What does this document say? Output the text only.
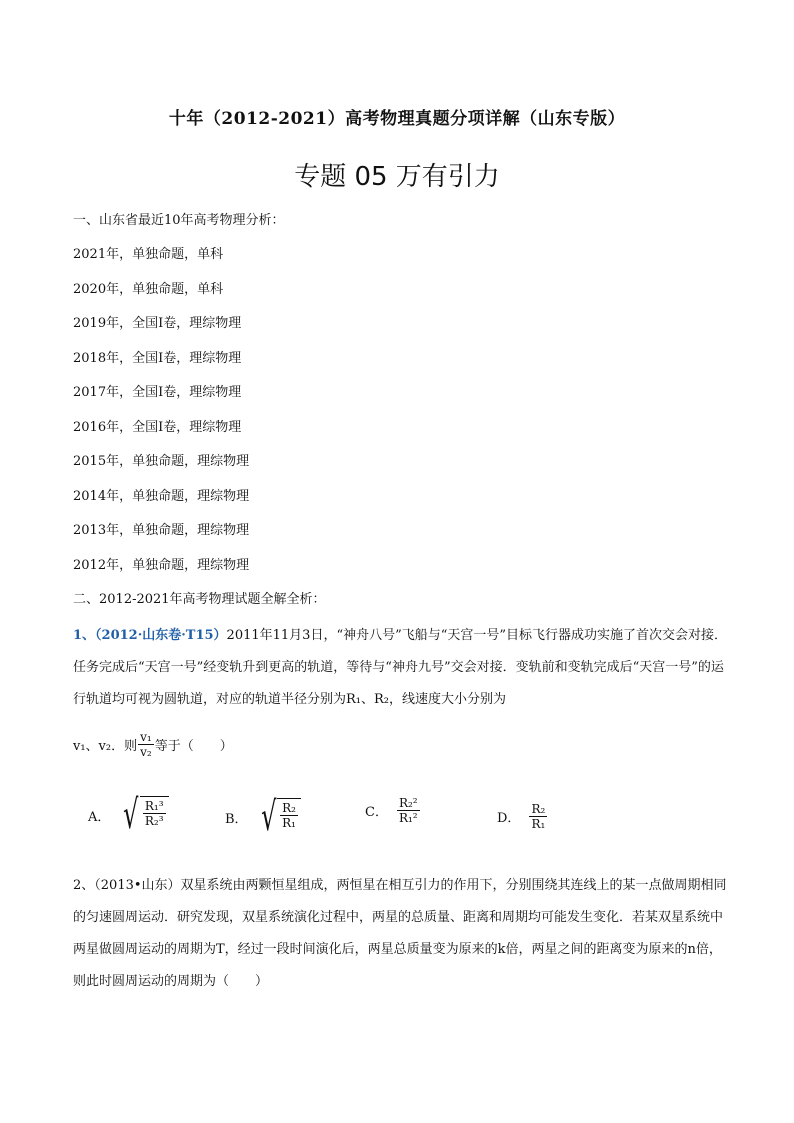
十年（2012-2021）高考物理真题分项详解（山东专版）
专题 05 万有引力
一、山东省最近10年高考物理分析：
2021年，单独命题，单科
2020年，单独命题，单科
2019年，全国Ⅰ卷，理综物理
2018年，全国Ⅰ卷，理综物理
2017年，全国Ⅰ卷，理综物理
2016年，全国Ⅰ卷，理综物理
2015年，单独命题，理综物理
2014年，单独命题，理综物理
2013年，单独命题，理综物理
2012年，单独命题，理综物理
二、2012-2021年高考物理试题全解全析：
1、（2012·山东卷·T15）2011年11月3日，“神舟八号”飞船与“天宫一号”目标飞行器成功实施了首次交会对接．任务完成后“天宫一号”经变轨升到更高的轨道，等待与“神舟九号”交会对接．变轨前和变轨完成后“天宫一号”的运行轨道均可视为圆轨道，对应的轨道半径分别为R₁、R₂，线速度大小分别为
v₁、v₂．则 $\frac{\text{v₁}}{\text{v₂}}$ 等于（　　）
A． √ $\frac{\text{R₁³}}{\text{R₂³}}$	B． √ $\frac{\text{R₂}}{\text{R₁}}$	C． $\frac{\text{R₂²}}{\text{R₁²}}$	D． $\frac{\text{R₂}}{\text{R₁}}$
2、（2013•山东）双星系统由两颗恒星组成，两恒星在相互引力的作用下，分别围绕其连线上的某一点做周期相同的匀速圆周运动．研究发现，双星系统演化过程中，两星的总质量、距离和周期均可能发生变化．若某双星系统中两星做圆周运动的周期为T，经过一段时间演化后，两星总质量变为原来的k倍，两星之间的距离变为原来的n倍，则此时圆周运动的周期为（　　）
